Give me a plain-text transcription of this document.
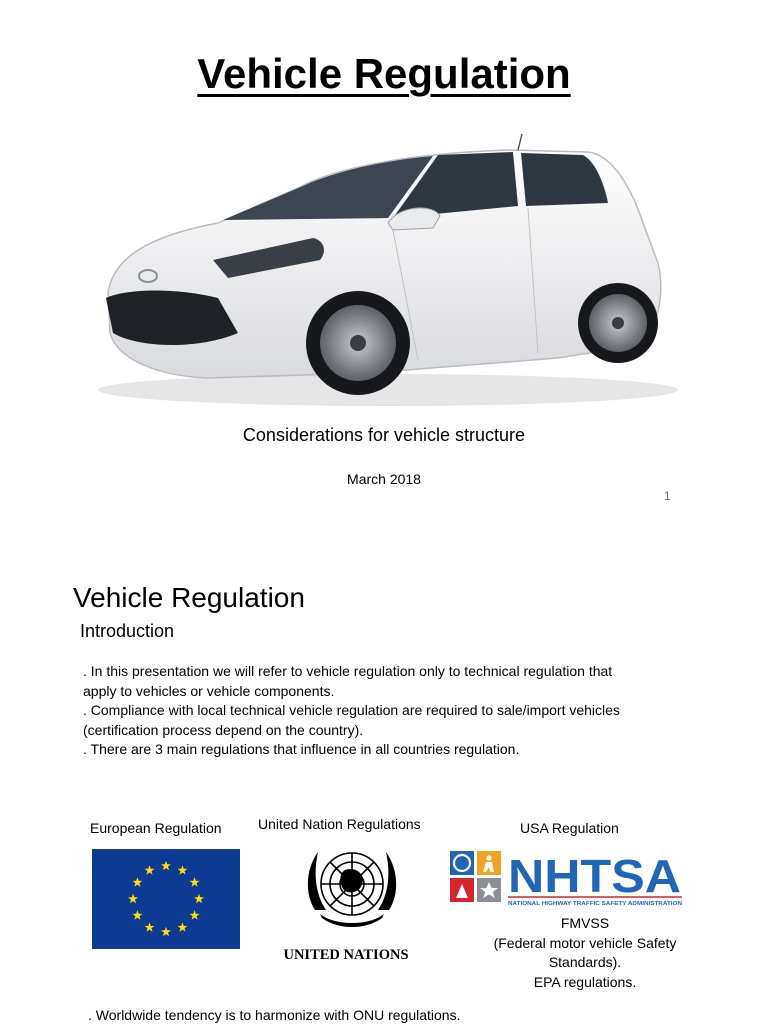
Vehicle Regulation
Considerations for vehicle structure
March 2018
1
Vehicle Regulation
Introduction
. In this presentation we will refer to vehicle regulation only to technical regulation that
apply to vehicles or vehicle components.
. Compliance with local technical vehicle regulation are required to sale/import vehicles
(certification process depend on the country).
. There are 3 main regulations that influence in all countries regulation.
European Regulation	United Nation Regulations	USA Regulation
UNITED NATIONS
NHTSA
NATIONAL HIGHWAY TRAFFIC SAFETY ADMINISTRATION
FMVSS
(Federal motor vehicle Safety
Standards).
EPA regulations.
. Worldwide tendency is to harmonize with ONU regulations.
